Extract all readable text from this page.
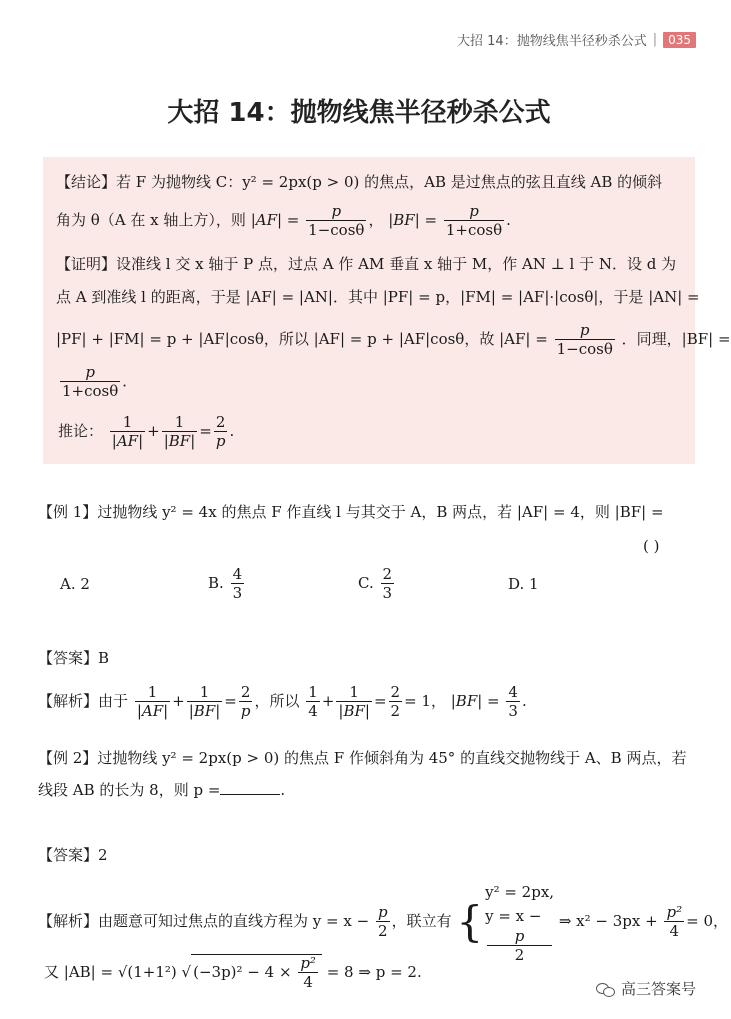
大招 14：抛物线焦半径秒杀公式 | 035
大招 14：抛物线焦半径秒杀公式
【结论】若 F 为抛物线 C：y² = 2px(p > 0) 的焦点，AB 是过焦点的弦且直线 AB 的倾斜
角为 θ（A 在 x 轴上方），则 $|AF| = \frac{p}{1-\cos\theta}$ ， $|BF| = \frac{p}{1+\cos\theta}$ .
【证明】设准线 l 交 x 轴于 P 点，过点 A 作 AM 垂直 x 轴于 M，作 AN ⊥ l 于 N．设 d 为
点 A 到准线 l 的距离，于是 |AF| = |AN|．其中 |PF| = p，|FM| = |AF|·|cosθ|，于是 |AN| =
|PF| + |FM| = p + |AF|cosθ，所以 |AF| = p + |AF|cosθ，故 $|AF| = \frac{p}{1-\cos\theta}$ ．同理，|BF| =
$\frac{p}{1+\cos\theta}$ ．
推论： $\frac{1}{|AF|} + \frac{1}{|BF|} = \frac{2}{p}$ .
【例 1】过抛物线 y² = 4x 的焦点 F 作直线 l 与其交于 A，B 两点，若 |AF| = 4，则 |BF| =
( )
A. 2	B. $\frac{4}{3}$	C. $\frac{2}{3}$	D. 1
【答案】B
【解析】由于 $\frac{1}{|AF|} + \frac{1}{|BF|} = \frac{2}{p}$ ，所以 $\frac{1}{4} + \frac{1}{|BF|} = \frac{2}{2} = 1$， $|BF| = \frac{4}{3}$ .
【例 2】过抛物线 y² = 2px(p > 0) 的焦点 F 作倾斜角为 45° 的直线交抛物线于 A、B 两点，若
线段 AB 的长为 8，则 p =	.
【答案】2
【解析】由题意可知过焦点的直线方程为 $y = x - \frac{p}{2}$ ，联立有 {
y² = 2px,
y = x −
p
2
⇒ $x^2 - 3px + \frac{\text{p²}}{4} = 0$，
又 |AB| = √(1+1²) √ $(-3p)^2 - 4 \times \frac{\text{p²}}{4} = 8$ ⇒ p = 2.
高三答案号
